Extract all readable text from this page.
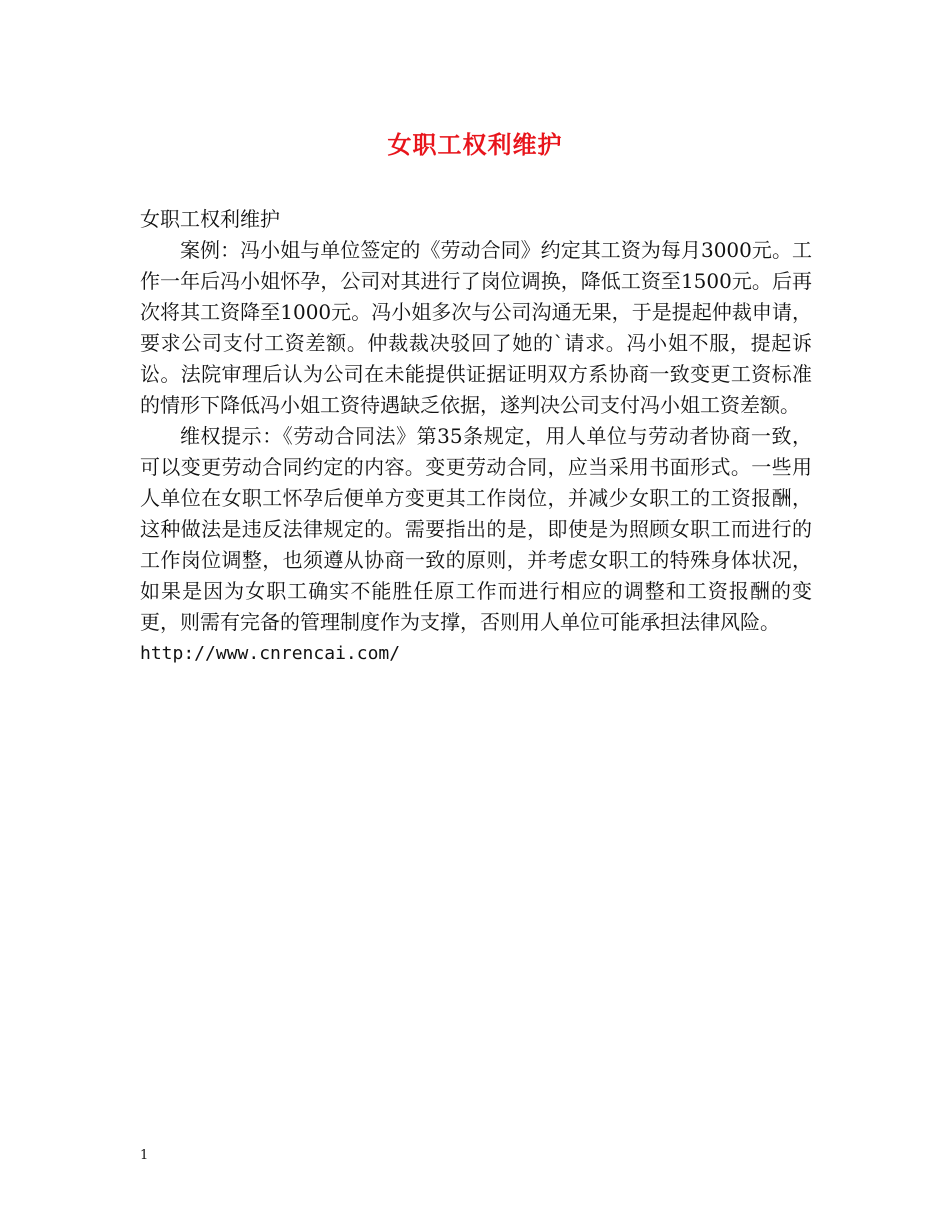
女职工权利维护

女职工权利维护

案例：冯小姐与单位签定的《劳动合同》约定其工资为每月3000元。工作一年后冯小姐怀孕，公司对其进行了岗位调换，降低工资至1500元。后再次将其工资降至1000元。冯小姐多次与公司沟通无果，于是提起仲裁申请，要求公司支付工资差额。仲裁裁决驳回了她的`请求。冯小姐不服，提起诉讼。法院审理后认为公司在未能提供证据证明双方系协商一致变更工资标准的情形下降低冯小姐工资待遇缺乏依据，遂判决公司支付冯小姐工资差额。

维权提示：《劳动合同法》第35条规定，用人单位与劳动者协商一致，可以变更劳动合同约定的内容。变更劳动合同，应当采用书面形式。一些用人单位在女职工怀孕后便单方变更其工作岗位，并减少女职工的工资报酬，这种做法是违反法律规定的。需要指出的是，即使是为照顾女职工而进行的工作岗位调整，也须遵从协商一致的原则，并考虑女职工的特殊身体状况，如果是因为女职工确实不能胜任原工作而进行相应的调整和工资报酬的变更，则需有完备的管理制度作为支撑，否则用人单位可能承担法律风险。

http://www.cnrencai.com/

1
